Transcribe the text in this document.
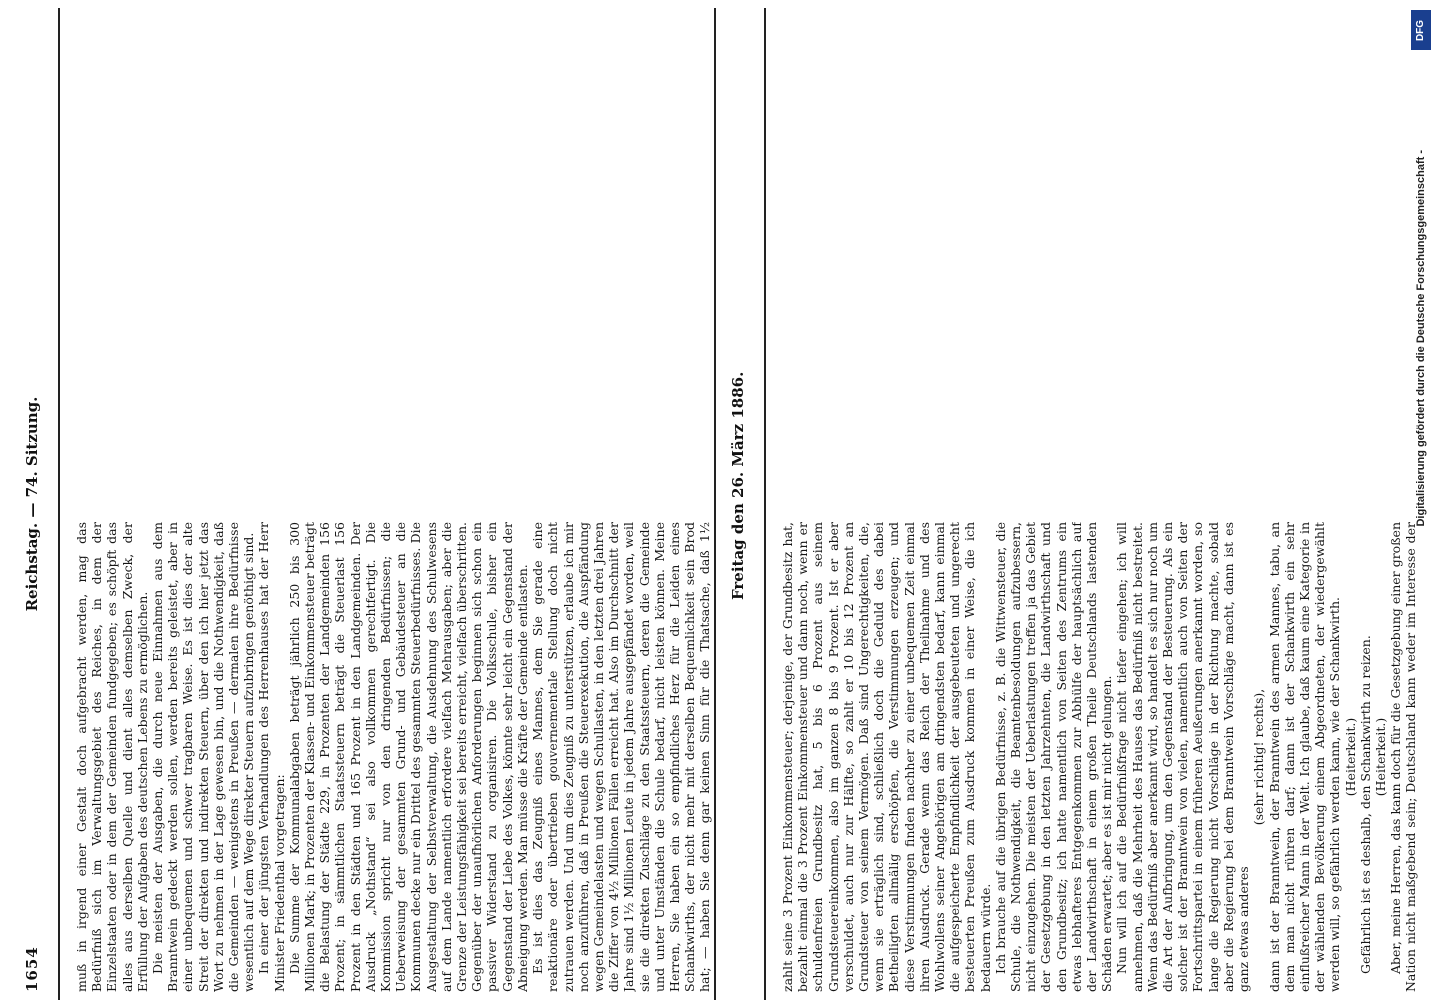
1654
Reichstag. — 74. Sitzung.

muß in irgend einer Gestalt doch aufgebracht werden, mag das Bedürfniß sich im Verwaltungsgebiet des Reiches, in dem der Einzelstaaten oder in dem der Gemeinden fundgegeben; es schöpft das alles aus derselben Quelle und dient alles demselben Zweck, der Erfüllung der Aufgaben des deutschen Lebens zu ermöglichen. Die meisten der Ausgaben, die durch neue Einnahmen aus dem Branntwein gedeckt werden sollen, werden bereits geleistet, aber in einer unbequemen und schwer tragbaren Weise. Es ist dies der alte Streit der direkten und indirekten Steuern, über den ich hier jetzt das Wort zu nehmen in der Lage gewesen bin, und die Nothwendigkeit, daß die Gemeinden — wenigstens in Preußen — dermalen ihre Bedürfnisse wesentlich auf dem Wege direkter Steuern aufzubringen genöthigt sind. In einer der jüngsten Verhandlungen des Herrenhauses hat der Herr Minister Friedenthal vorgetragen: Die Summe der Kommunalabgaben beträgt jährlich 250 bis 300 Millionen Mark; in Prozenten der Klassen- und Einkommensteuer beträgt die Belastung der Städte 229, in Prozenten der Landgemeinden 156 Prozent; in sämmtlichen Staatssteuern beträgt die Steuerlast 156 Prozent in den Städten und 165 Prozent in den Landgemeinden. Der Ausdruck „Nothstand“ sei also vollkommen gerechtfertigt. Die Kommission spricht nur von den dringenden Bedürfnissen; die Ueberweisung der gesammten Grund- und Gebäudesteuer an die Kommunen decke nur ein Drittel des gesammten Steuerbedürfnisses. Die Ausgestaltung der Selbstverwaltung, die Ausdehnung des Schulwesens auf dem Lande namentlich erfordere vielfach Mehrausgaben; aber die Grenze der Leistungsfähigkeit sei bereits erreicht, vielfach überschritten. Gegenüber der unaufhörlichen Anforderungen beginnen sich schon ein passiver Widerstand zu organisiren. Die Volksschule, bisher ein Gegenstand der Liebe des Volkes, könnte sehr leicht ein Gegenstand der Abneigung werden. Man müsse die Kräfte der Gemeinde entlasten. Es ist dies das Zeugniß eines Mannes, dem Sie gerade eine reaktionäre oder übertrieben gouvernementale Stellung doch nicht zutrauen werden. Und um dies Zeugniß zu unterstützen, erlaube ich mir noch anzuführen, daß in Preußen die Steuerexekution, die Auspfändung wegen Gemeindelasten und wegen Schullasten, in den letzten drei Jahren die Ziffer von 4½ Millionen Fällen erreicht hat. Also im Durchschnitt der Jahre sind 1½ Millionen Leute in jedem Jahre ausgepfändet worden, weil sie die direkten Zuschläge zu den Staatssteuern, deren die Gemeinde und unter Umständen die Schule bedarf, nicht leisten können. Meine Herren, Sie haben ein so empfindliches Herz für die Leiden eines Schankwirths, der nicht mehr mit derselben Bequemlichkeit sein Brod hat; — haben Sie denn gar keinen Sinn für die Thatsache, daß 1½	Freitag den 26. März 1886.

zahlt seine 3 Prozent Einkommensteuer; derjenige, der Grundbesitz hat, bezahlt einmal die 3 Prozent Einkommensteuer und dann noch, wenn er schuldenfreien Grundbesitz hat, 5 bis 6 Prozent aus seinem Grundsteuereinkommen, also im ganzen 8 bis 9 Prozent. Ist er aber verschuldet, auch nur zur Hälfte, so zahlt er 10 bis 12 Prozent an Grundsteuer von seinem Vermögen. Daß sind Ungerechtigkeiten, die, wenn sie erträglich sind, schließlich doch die Geduld des dabei Betheiligten allmälig erschöpfen, die Verstimmungen erzeugen; und diese Verstimmungen finden nachher zu einer unbequemen Zeit einmal ihren Ausdruck. Gerade wenn das Reich der Theilnahme und des Wohlwollens seiner Angehörigen am dringendsten bedarf, kann einmal die aufgespeicherte Empfindlichkeit der ausgebeuteten und ungerecht besteuerten Preußen zum Ausdruck kommen in einer Weise, die ich bedauern würde. Ich brauche auf die übrigen Bedürfnisse, z. B. die Wittwensteuer, die Schule, die Nothwendigkeit, die Beamtenbesoldungen aufzubessern, nicht einzugehen. Die meisten der Ueberlastungen treffen ja das Gebiet der Gesetzgebung in den letzten Jahrzehnten, die Landwirthschaft und den Grundbesitz; ich hatte namentlich von Seiten des Zentrums ein etwas lebhafteres Entgegenkommen zur Abhülfe der hauptsächlich auf der Landwirthschaft in einem großen Theile Deutschlands lastenden Schäden erwartet; aber es ist mir nicht gelungen. Nun will ich auf die Bedürfnißfrage nicht tiefer eingehen; ich will annehmen, daß die Mehrheit des Hauses das Bedürfniß nicht bestreitet. Wenn das Bedürfniß aber anerkannt wird, so handelt es sich nur noch um die Art der Aufbringung, um den Gegenstand der Besteuerung. Als ein solcher ist der Branntwein von vielen, namentlich auch von Seiten der Fortschrittspartei in einem früheren Aeußerungen anerkannt worden, so lange die Regierung nicht Vorschläge in der Richtung machte, sobald aber die Regierung bei dem Branntwein Vorschläge macht, dann ist es ganz etwas anderes

(sehr richtig! rechts), dann ist der Branntwein, der Branntwein des armen Mannes, tabu, an dem man nicht rühren darf; dann ist der Schankwirth ein sehr einflußreicher Mann in der Welt. Ich glaube, daß kaum eine Kategorie in der wählenden Bevölkerung einem Abgeordneten, der wiedergewählt werden will, so gefährlich werden kann, wie der Schankwirth. (Heiterkeit.) Gefährlich ist es deshalb, den Schankwirth zu reizen. (Heiterkeit.)

Aber, meine Herren, das kann doch für die Gesetzgebung einer großen Nation nicht maßgebend sein; Deutschland kann weder im Interesse der

Digitalisierung gefördert durch die Deutsche Forschungsgemeinschaft -
DFG
